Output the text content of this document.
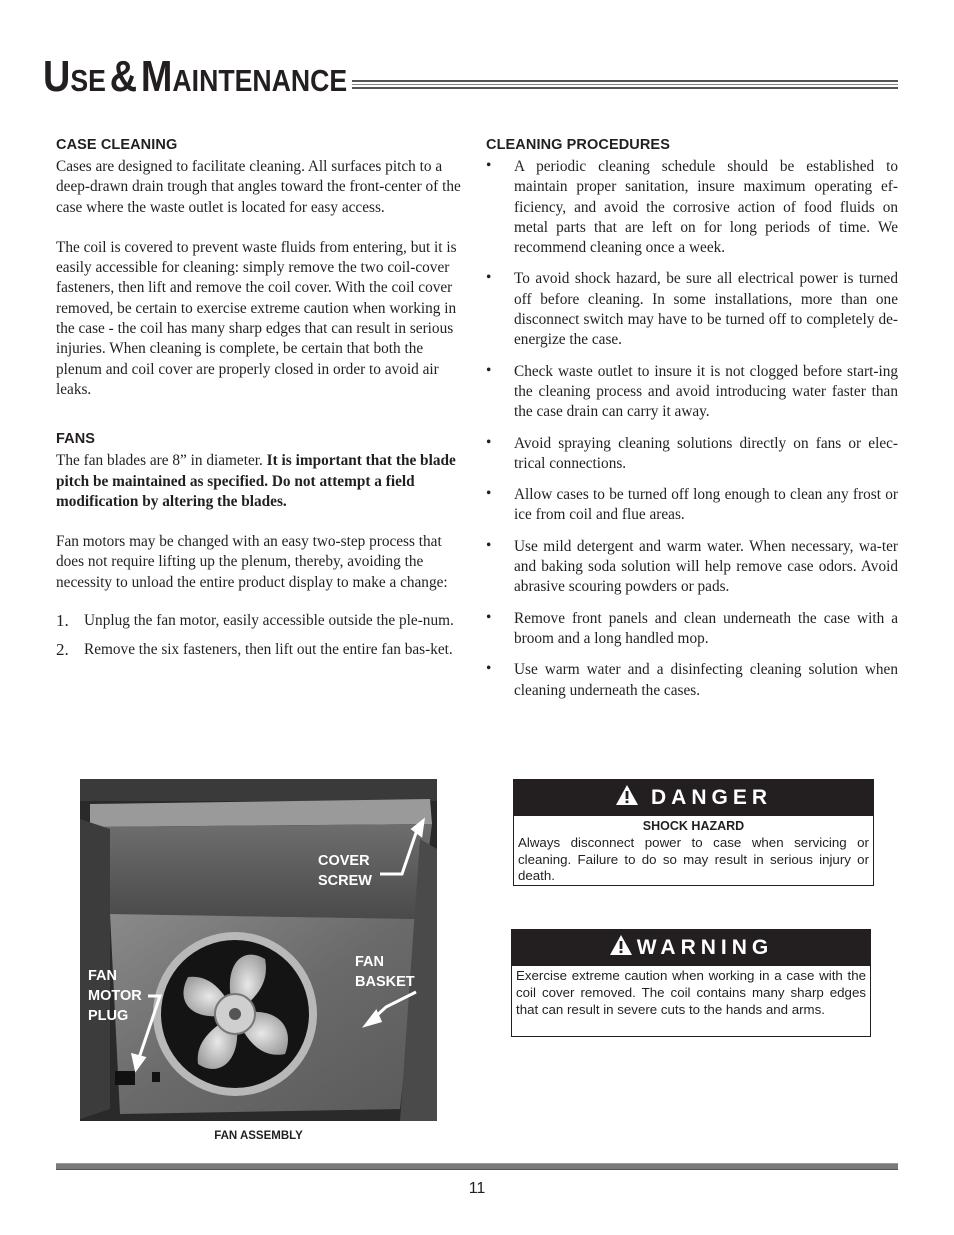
USE & MAINTENANCE
CASE CLEANING

Cases are designed to facilitate cleaning. All surfaces pitch to a deep-drawn drain trough that angles toward the front-center of the case where the waste outlet is located for easy access.

The coil is covered to prevent waste fluids from entering, but it is easily accessible for cleaning: simply remove the two coil-cover fasteners, then lift and remove the coil cover. With the coil cover removed, be certain to exercise extreme caution when working in the case - the coil has many sharp edges that can result in serious injuries. When cleaning is complete, be certain that both the plenum and coil cover are properly closed in order to avoid air leaks.

FANS

The fan blades are 8” in diameter. It is important that the blade pitch be maintained as specified. Do not attempt a field modification by altering the blades.

Fan motors may be changed with an easy two-step process that does not require lifting up the plenum, thereby, avoiding the necessity to unload the entire product display to make a change:

1. Unplug the fan motor, easily accessible outside the ple-num.
2. Remove the six fasteners, then lift out the entire fan bas-ket.
CLEANING PROCEDURES
• A periodic cleaning schedule should be established to maintain proper sanitation, insure maximum operating ef-ficiency, and avoid the corrosive action of food fluids on metal parts that are left on for long periods of time. We recommend cleaning once a week.
• To avoid shock hazard, be sure all electrical power is turned off before cleaning. In some installations, more than one disconnect switch may have to be turned off to completely de-energize the case.
• Check waste outlet to insure it is not clogged before start-ing the cleaning process and avoid introducing water faster than the case drain can carry it away.
• Avoid spraying cleaning solutions directly on fans or elec-trical connections.
• Allow cases to be turned off long enough to clean any frost or ice from coil and flue areas.
• Use mild detergent and warm water. When necessary, wa-ter and baking soda solution will help remove case odors. Avoid abrasive scouring powders or pads.
• Remove front panels and clean underneath the case with a broom and a long handled mop.
• Use warm water and a disinfecting cleaning solution when cleaning underneath the cases.
COVER
SCREW
FAN
BASKET
FAN
MOTOR
PLUG
FAN ASSEMBLY
DANGER
SHOCK HAZARD
Always disconnect power to case when servicing or cleaning. Failure to do so may result in serious injury or death.
WARNING
Exercise extreme caution when working in a case with the coil cover removed. The coil contains many sharp edges that can result in severe cuts to the hands and arms.
11
